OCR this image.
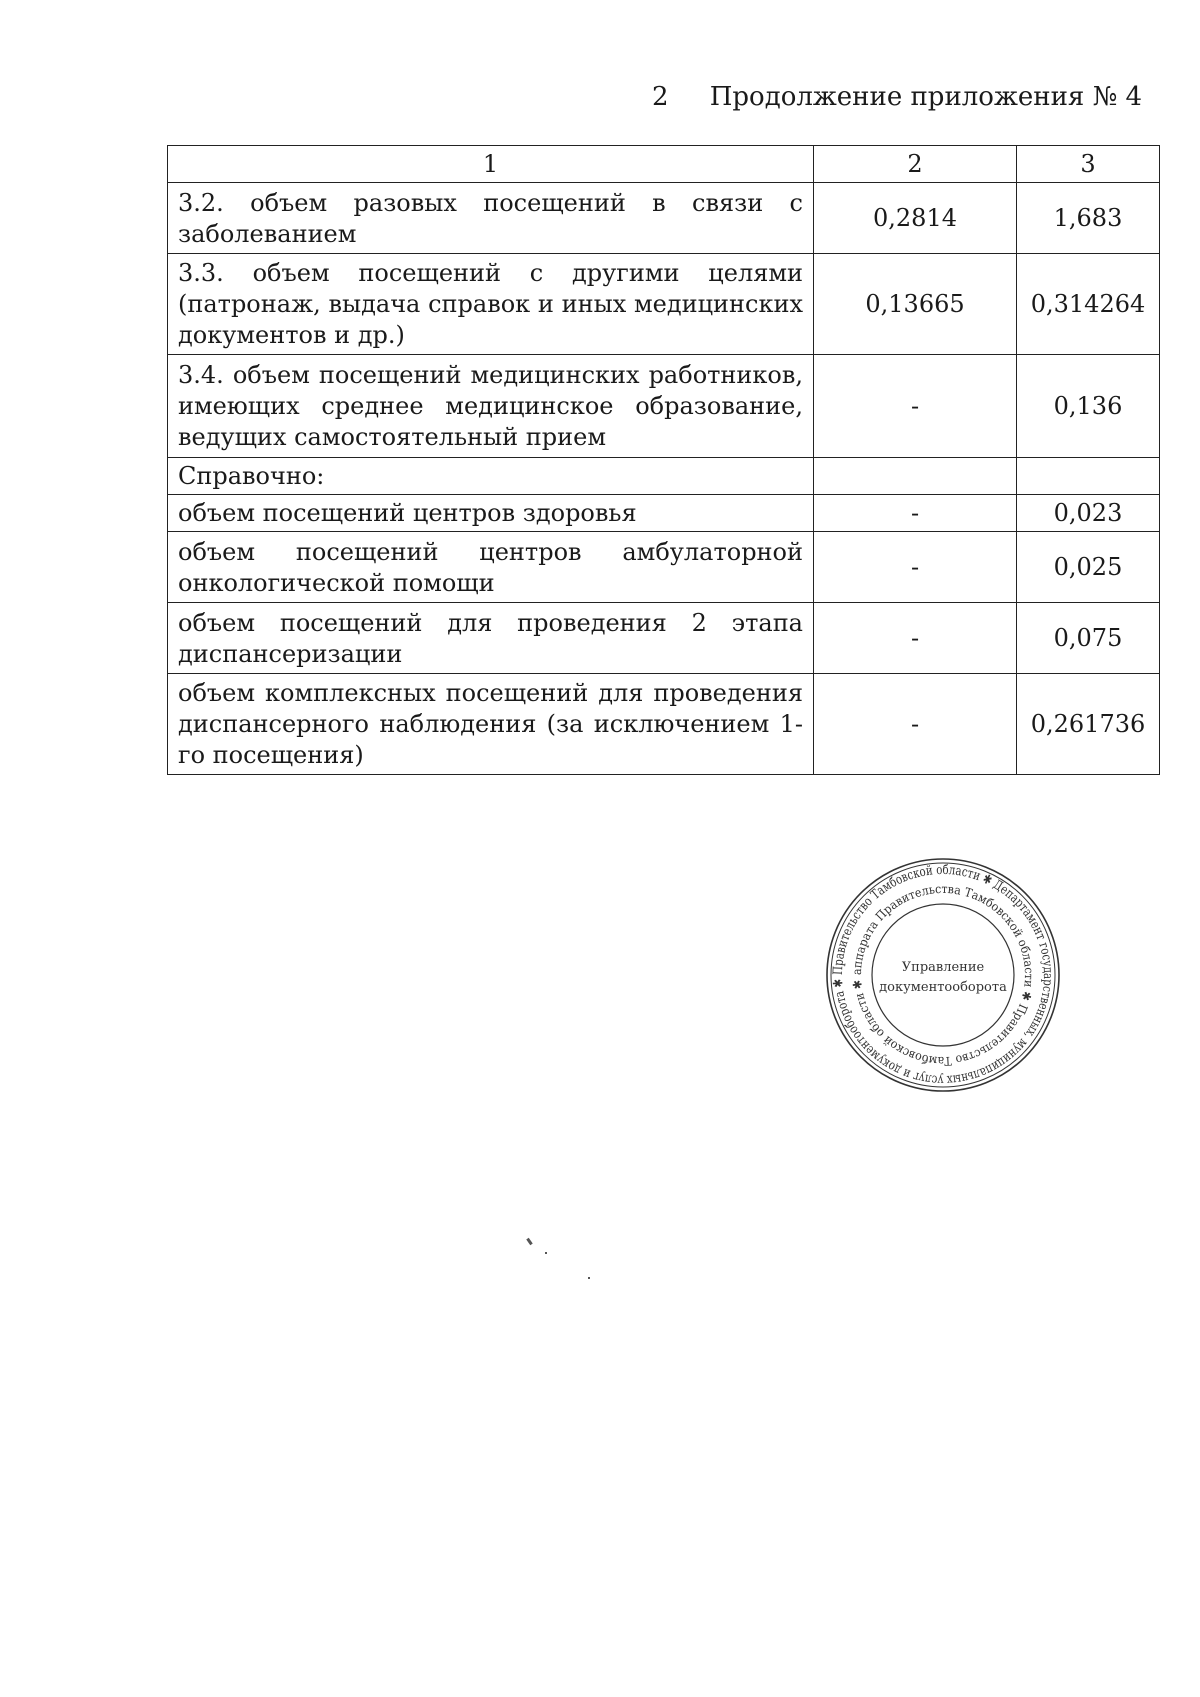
2 Продолжение приложения № 4
1	2	3
3.2. объем разовых посещений в связи с заболеванием	0,2814	1,683
3.3. объем посещений с другими целями (патронаж, выдача справок и иных медицинских документов и др.)	0,13665	0,314264
3.4. объем посещений медицинских работников, имеющих среднее медицинское образование, ведущих самостоятельный прием	-	0,136
Справочно:		
объем посещений центров здоровья	-	0,023
объем посещений центров амбулаторной онкологической помощи	-	0,025
объем посещений для проведения 2 этапа диспансеризации	-	0,075
объем комплексных посещений для проведения диспансерного наблюдения (за исключением 1-го посещения)	-	0,261736
Правительство Тамбовской области ✱ Департамент государственных, муниципальных услуг и документооборота ✱
аппарата Правительства Тамбовской области ✱ Правительство Тамбовской области ✱
Управление
документооборота
